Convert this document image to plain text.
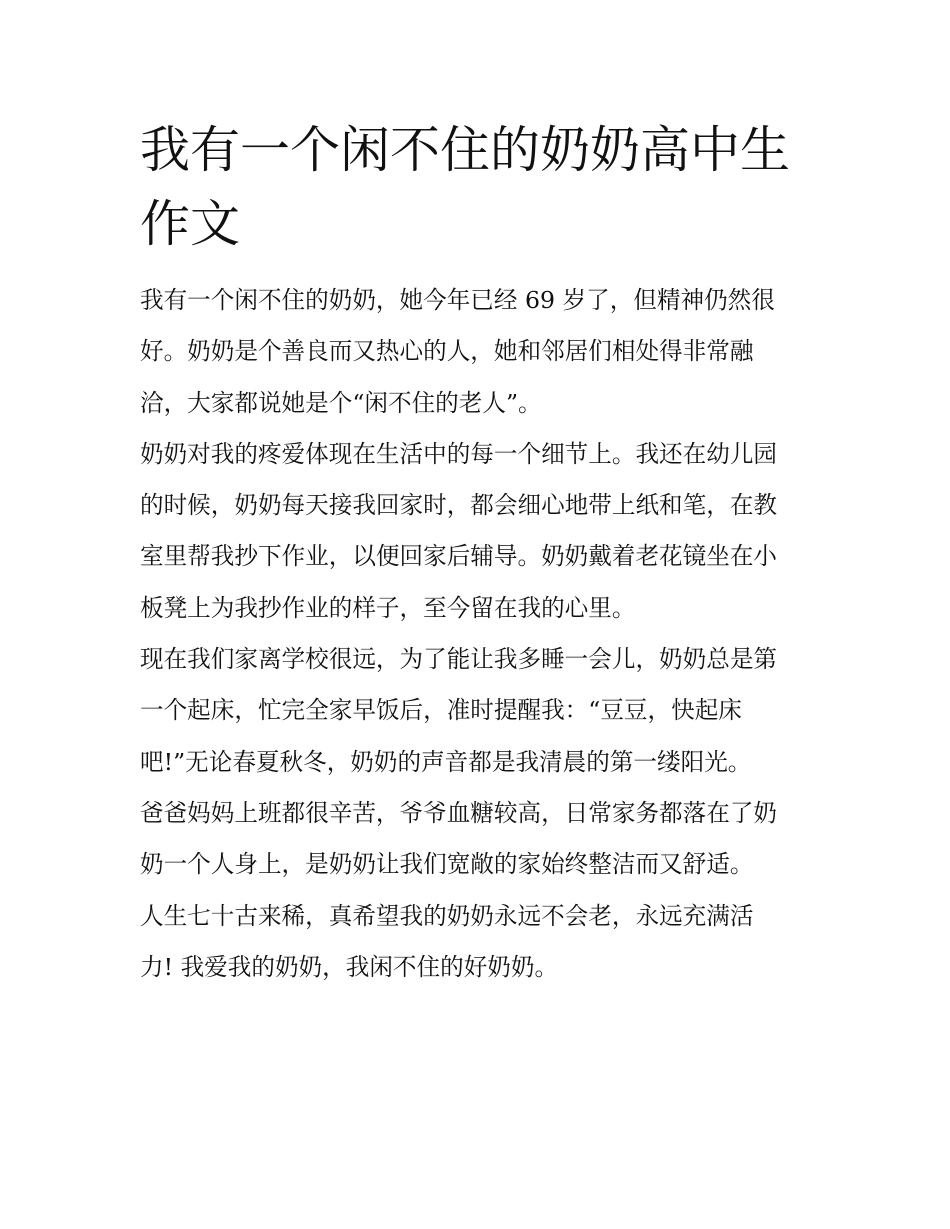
我有一个闲不住的奶奶高中生
作文

我有一个闲不住的奶奶，她今年已经 69 岁了，但精神仍然很
好。奶奶是个善良而又热心的人，她和邻居们相处得非常融
洽，大家都说她是个“闲不住的老人”。

奶奶对我的疼爱体现在生活中的每一个细节上。我还在幼儿园
的时候，奶奶每天接我回家时，都会细心地带上纸和笔，在教
室里帮我抄下作业，以便回家后辅导。奶奶戴着老花镜坐在小
板凳上为我抄作业的样子，至今留在我的心里。

现在我们家离学校很远，为了能让我多睡一会儿，奶奶总是第
一个起床，忙完全家早饭后，准时提醒我：“豆豆，快起床
吧!”无论春夏秋冬，奶奶的声音都是我清晨的第一缕阳光。

爸爸妈妈上班都很辛苦，爷爷血糖较高，日常家务都落在了奶
奶一个人身上，是奶奶让我们宽敞的家始终整洁而又舒适。

人生七十古来稀，真希望我的奶奶永远不会老，永远充满活
力! 我爱我的奶奶，我闲不住的好奶奶。
